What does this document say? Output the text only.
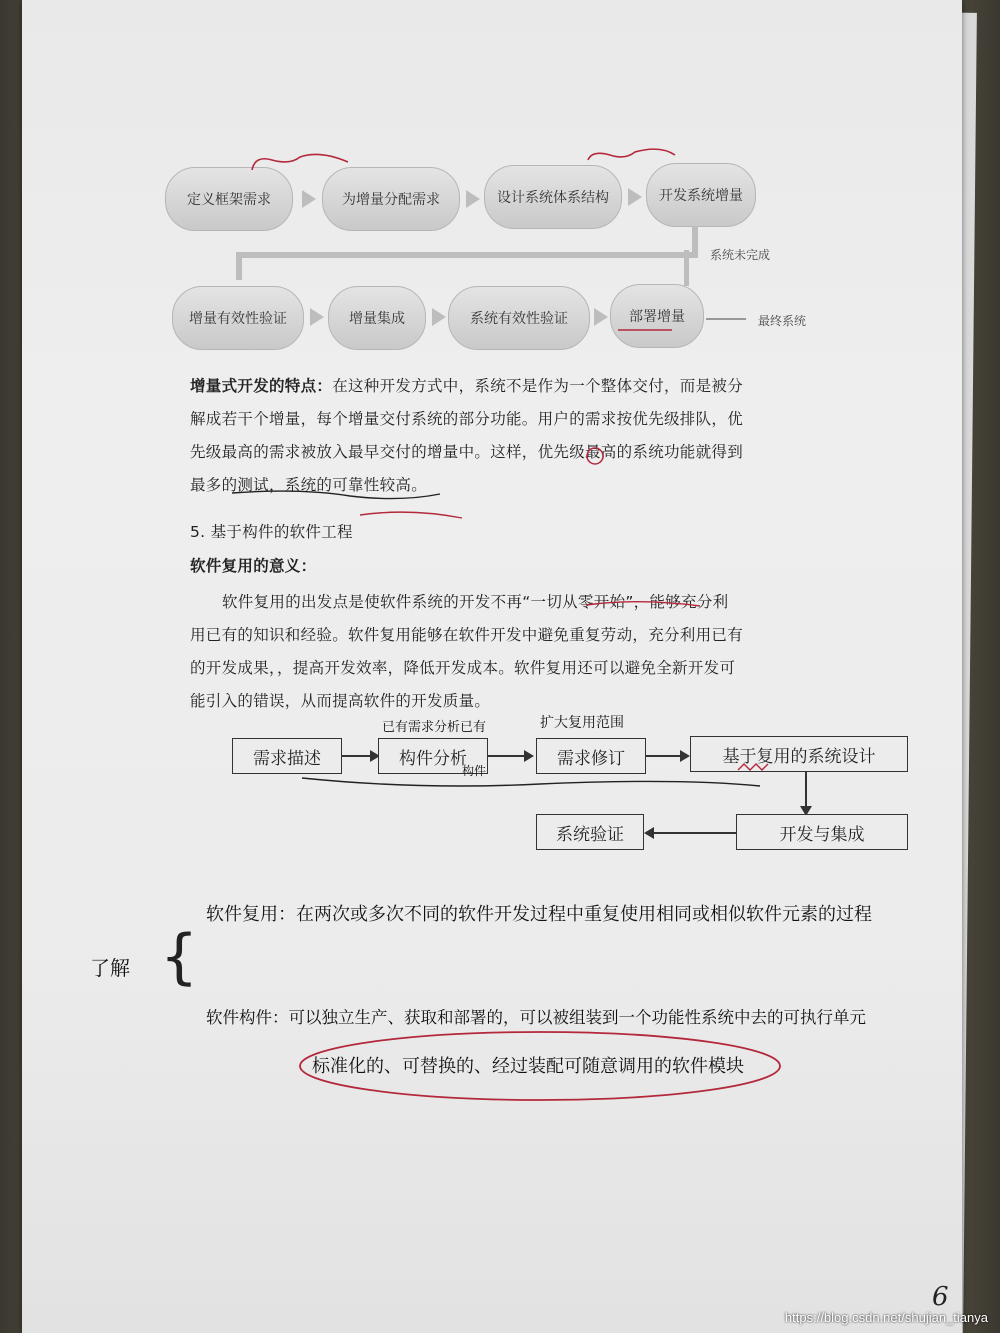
定义框架需求	为增量分配需求	设计系统体系结构	开发系统增量
增量有效性验证	增量集成	系统有效性验证	部署增量
系统未完成
最终系统
增量式开发的特点：在这种开发方式中，系统不是作为一个整体交付，而是被分
解成若干个增量，每个增量交付系统的部分功能。用户的需求按优先级排队，优
先级最高的需求被放入最早交付的增量中。这样，优先级最高的系统功能就得到
最多的测试，系统的可靠性较高。
5. 基于构件的软件工程
软件复用的意义：
软件复用的出发点是使软件系统的开发不再“一切从零开始”，能够充分利
用已有的知识和经验。软件复用能够在软件开发中避免重复劳动，充分利用已有
的开发成果，，提高开发效率，降低开发成本。软件复用还可以避免全新开发可
能引入的错误，从而提高软件的开发质量。
需求描述	构件分析	需求修订	基于复用的系统设计
开发与集成
系统验证
已有需求分析已有
构件
扩大复用范围
软件复用：在两次或多次不同的软件开发过程中重复使用相同或相似软件元素的过程
了解 {
软件构件：可以独立生产、获取和部署的，可以被组装到一个功能性系统中去的可执行单元
标准化的、可替换的、经过装配可随意调用的软件模块
6
https://blog.csdn.net/shujian_tianya
